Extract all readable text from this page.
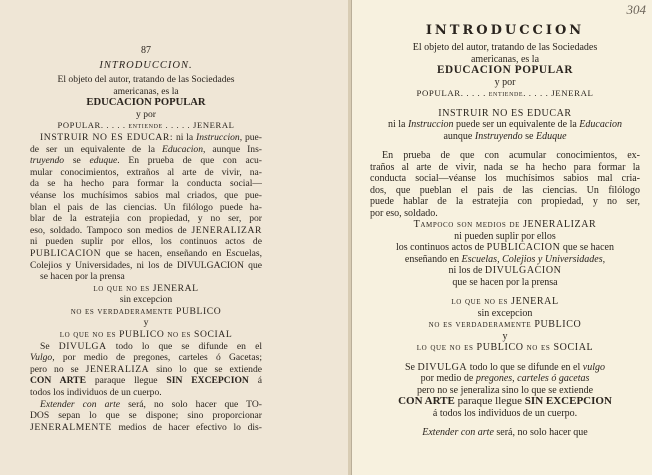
87
INTRODUCCION.
El objeto del autor, tratando de las Sociedades
americanas, es la
EDUCACION POPULAR
y por
POPULAR. . . . . entiende . . . . . JENERAL
INSTRUIR NO ES EDUCAR: ni la Instruccion, pue-
de ser un equivalente de la Educacion, aunque Ins-
truyendo se eduque. En prueba de que con acu-
mular conocimientos, extraños al arte de vivir, na-
da se ha hecho para formar la conducta social—
véanse los muchísimos sabios mal criados, que pue-
blan el pais de las ciencias. Un filólogo puede ha-
blar de la estratejia con propiedad, y no ser, por
eso, soldado. Tampoco son medios de JENERALIZAR
ni pueden suplir por ellos, los continuos actos de
PUBLICACION que se hacen, enseñando en Escuelas,
Colejios y Universidades, ni los de DIVULGACION que
se hacen por la prensa
lo que no es JENERAL
sin excepcion
no es verdaderamente PUBLICO
y
lo que no es PUBLICO no es SOCIAL
Se DIVULGA todo lo que se difunde en el
Vulgo, por medio de pregones, carteles ó Gacetas;
pero no se JENERALIZA sino lo que se extiende
CON ARTE paraque llegue SIN EXCEPCION á
todos los individuos de un cuerpo.
Extender con arte será, no solo hacer que TO-
DOS sepan lo que se dispone; sino proporcionar
JENERALMENTE medios de hacer efectivo lo dis-
304
INTRODUCCION
El objeto del autor, tratando de las Sociedades
americanas, es la
EDUCACION POPULAR
y por
POPULAR. . . . . entiende. . . . . JENERAL
INSTRUIR NO ES EDUCAR
ni la Instruccion puede ser un equivalente de la Educacion
aunque Instruyendo se Eduque
En prueba de que con acumular conocimientos, ex-
traños al arte de vivir, nada se ha hecho para formar la
conducta social—véanse los muchísimos sabios mal cria-
dos, que pueblan el pais de las ciencias. Un filólogo
puede hablar de la estratejia con propiedad, y no ser,
por eso, soldado.
Tampoco son medios de JENERALIZAR
ni pueden suplir por ellos
los continuos actos de PUBLICACION que se hacen
enseñando en Escuelas, Colejios y Universidades,
ni los de DIVULGACION
que se hacen por la prensa
lo que no es JENERAL
sin excepcion
no es verdaderamente PUBLICO
y
lo que no es PUBLICO no es SOCIAL
Se DIVULGA todo lo que se difunde en el vulgo
por medio de pregones, carteles ó gacetas
pero no se jeneraliza sino lo que se extiende
CON ARTE paraque llegue SIN EXCEPCION
á todos los individuos de un cuerpo.
Extender con arte será, no solo hacer que
